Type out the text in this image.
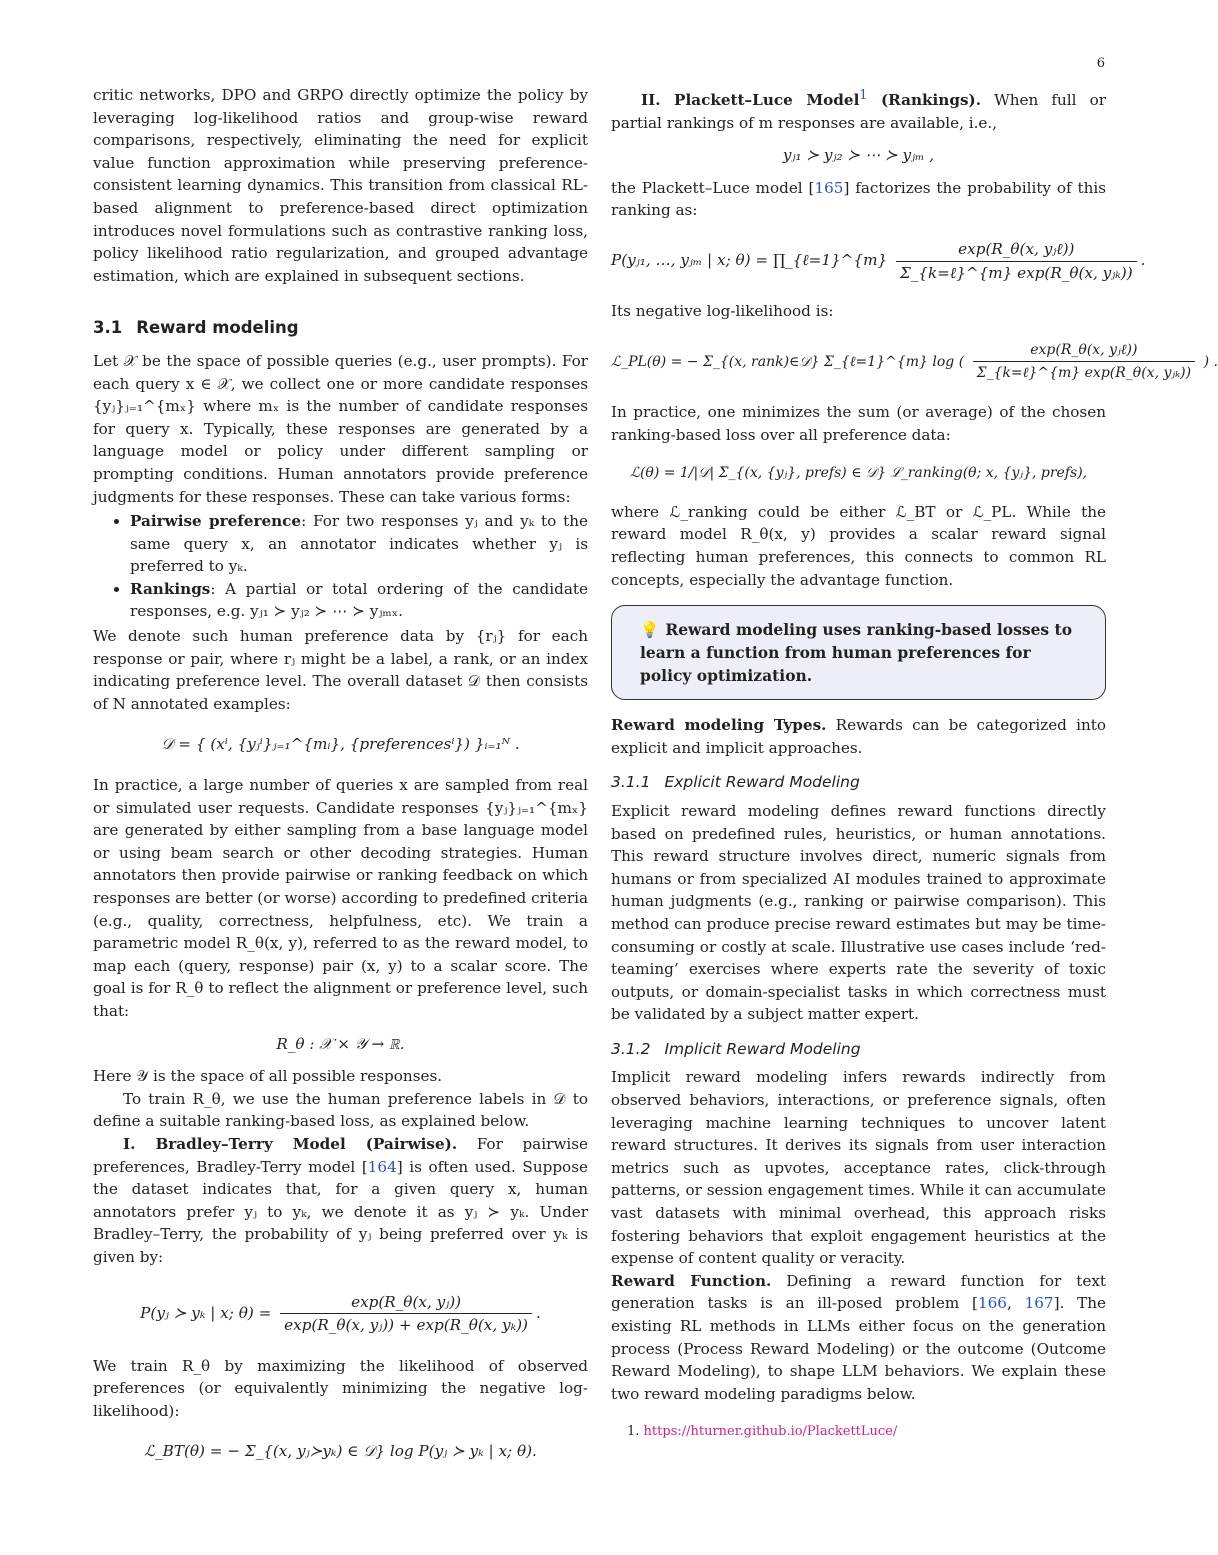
6

critic networks, DPO and GRPO directly optimize the policy by leveraging log-likelihood ratios and group-wise reward comparisons, respectively, eliminating the need for explicit value function approximation while preserving preference-consistent learning dynamics. This transition from classical RL-based alignment to preference-based direct optimization introduces novel formulations such as contrastive ranking loss, policy likelihood ratio regularization, and grouped advantage estimation, which are explained in subsequent sections.

3.1 Reward modeling

Let 𝒳 be the space of possible queries (e.g., user prompts). For each query x ∈ 𝒳, we collect one or more candidate responses {yⱼ}ⱼ₌₁^{mₓ} where mₓ is the number of candidate responses for query x. Typically, these responses are generated by a language model or policy under different sampling or prompting conditions. Human annotators provide preference judgments for these responses. These can take various forms:

• Pairwise preference: For two responses yⱼ and yₖ to the same query x, an annotator indicates whether yⱼ is preferred to yₖ.
• Rankings: A partial or total ordering of the candidate responses, e.g. yⱼ₁ ≻ yⱼ₂ ≻ ⋯ ≻ yⱼₘₓ.

We denote such human preference data by {rⱼ} for each response or pair, where rⱼ might be a label, a rank, or an index indicating preference level. The overall dataset 𝒟 then consists of N annotated examples:

𝒟 = { (xⁱ, {yⱼⁱ}ⱼ₌₁^{mᵢ}, {preferencesⁱ}) }ᵢ₌₁ᴺ .

In practice, a large number of queries x are sampled from real or simulated user requests. Candidate responses {yⱼ}ⱼ₌₁^{mₓ} are generated by either sampling from a base language model or using beam search or other decoding strategies. Human annotators then provide pairwise or ranking feedback on which responses are better (or worse) according to predefined criteria (e.g., quality, correctness, helpfulness, etc). We train a parametric model R_θ(x, y), referred to as the reward model, to map each (query, response) pair (x, y) to a scalar score. The goal is for R_θ to reflect the alignment or preference level, such that:

R_θ : 𝒳 × 𝒴 → ℝ.

Here 𝒴 is the space of all possible responses.

To train R_θ, we use the human preference labels in 𝒟 to define a suitable ranking-based loss, as explained below.

I. Bradley–Terry Model (Pairwise). For pairwise preferences, Bradley-Terry model [164] is often used. Suppose the dataset indicates that, for a given query x, human annotators prefer yⱼ to yₖ, we denote it as yⱼ ≻ yₖ. Under Bradley–Terry, the probability of yⱼ being preferred over yₖ is given by:

P(yⱼ ≻ yₖ | x; $\theta) = \frac{\text{exp(R\_θ(x, yⱼ))}}{\text{exp(R\_θ(x, yⱼ)) + exp(R\_θ(x, yₖ))}}$ .

We train R_θ by maximizing the likelihood of observed preferences (or equivalently minimizing the negative log-likelihood):

ℒ_BT(θ) = − Σ_{(x, yⱼ≻yₖ) ∈ 𝒟} log P(yⱼ ≻ yₖ | x; θ).

II. Plackett–Luce Model$^1$ (Rankings). When full or partial rankings of m responses are available, i.e.,

yⱼ₁ ≻ yⱼ₂ ≻ ⋯ ≻ yⱼₘ ,

the Plackett–Luce model [165] factorizes the probability of this ranking as:

P(yⱼ₁, …, yⱼₘ | x; θ) = ∏_{ℓ=1}^{m} $\frac{\text{exp(R\_θ(x, yⱼℓ))}}{\text{Σ\_\{k=ℓ\}\textasciicircum{}\{m\} exp(R\_θ(x, yⱼₖ))}}$ .

Its negative log-likelihood is:

ℒ_PL(θ) = − Σ_{(x, rank)∈𝒟} Σ_{ℓ=1}^{m} log ( $\frac{\text{exp(R\_θ(x, yⱼℓ))}}{\text{Σ\_\{k=ℓ\}\textasciicircum{}\{m\} exp(R\_θ(x, yⱼₖ))}}$ ) .

In practice, one minimizes the sum (or average) of the chosen ranking-based loss over all preference data:

ℒ(θ) = 1/|𝒟| Σ_{(x, {yⱼ}, prefs) ∈ 𝒟} ℒ_ranking(θ; x, {yⱼ}, prefs),

where ℒ_ranking could be either ℒ_BT or ℒ_PL. While the reward model R_θ(x, y) provides a scalar reward signal reflecting human preferences, this connects to common RL concepts, especially the advantage function.

💡 Reward modeling uses ranking-based losses to learn a function from human preferences for policy optimization.

Reward modeling Types. Rewards can be categorized into explicit and implicit approaches.

3.1.1 Explicit Reward Modeling

Explicit reward modeling defines reward functions directly based on predefined rules, heuristics, or human annotations. This reward structure involves direct, numeric signals from humans or from specialized AI modules trained to approximate human judgments (e.g., ranking or pairwise comparison). This method can produce precise reward estimates but may be time-consuming or costly at scale. Illustrative use cases include ‘red-teaming’ exercises where experts rate the severity of toxic outputs, or domain-specialist tasks in which correctness must be validated by a subject matter expert.

3.1.2 Implicit Reward Modeling

Implicit reward modeling infers rewards indirectly from observed behaviors, interactions, or preference signals, often leveraging machine learning techniques to uncover latent reward structures. It derives its signals from user interaction metrics such as upvotes, acceptance rates, click-through patterns, or session engagement times. While it can accumulate vast datasets with minimal overhead, this approach risks fostering behaviors that exploit engagement heuristics at the expense of content quality or veracity.

Reward Function. Defining a reward function for text generation tasks is an ill-posed problem [166, 167]. The existing RL methods in LLMs either focus on the generation process (Process Reward Modeling) or the outcome (Outcome Reward Modeling), to shape LLM behaviors. We explain these two reward modeling paradigms below.

1. https://hturner.github.io/PlackettLuce/
